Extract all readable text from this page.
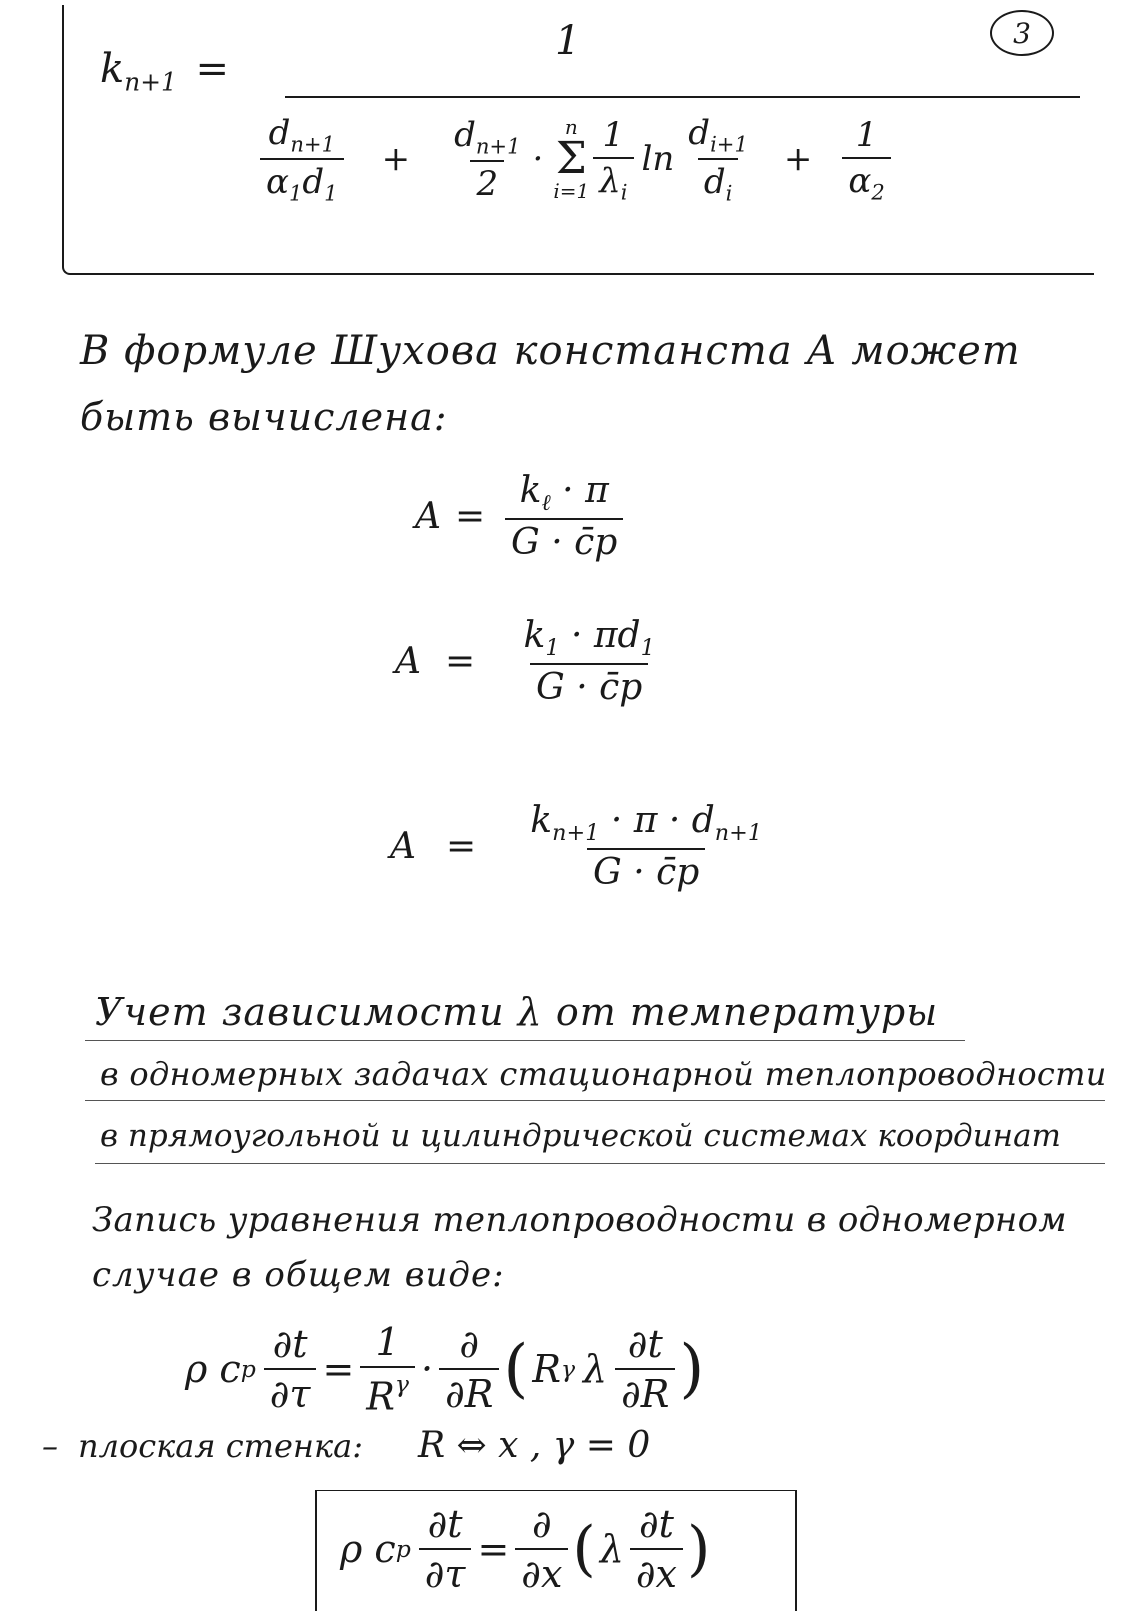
3
$k_{n+1}$ =
1
$\frac{d_{n+1}}{\alpha_1d_1} + \frac{d_{n+1}}{2}$ ·
n
Σ
$i=1 \frac{1}{\lambda_i}$ $\ln \frac{d_{i+1}}{d_i} + \frac{1}{\alpha_2}$
В формуле Шухова констанста А может
быть вычислена:
$A = \frac{k_\ell \cdot \pi}{G \cdot c̄p}$
$A = \frac{k_1 \cdot \pi d_1}{G \cdot c̄p}$
$A = \frac{k_{n+1} \cdot \pi \cdot d_{n+1}}{G \cdot c̄p}$
Учет зависимости λ от температуры
в одномерных задачах стационарной теплопроводности
в прямоугольной и цилиндрической системах координат
Запись уравнения теплопроводности в одномерном
случае в общем виде:
ρ c p $\frac{\partial t}{\partial\tau} = \frac{1}{R^\gamma} \cdot \frac{\partial}{\partial R}$ ( R γ λ $\frac{\partial t}{\partial R}$ )
– плоская стенка: R ⇔ x , γ = 0
ρ c p $\frac{\partial t}{\partial\tau} = \frac{\partial}{\partial x}$ ( λ $\frac{\partial t}{\partial x}$ )
